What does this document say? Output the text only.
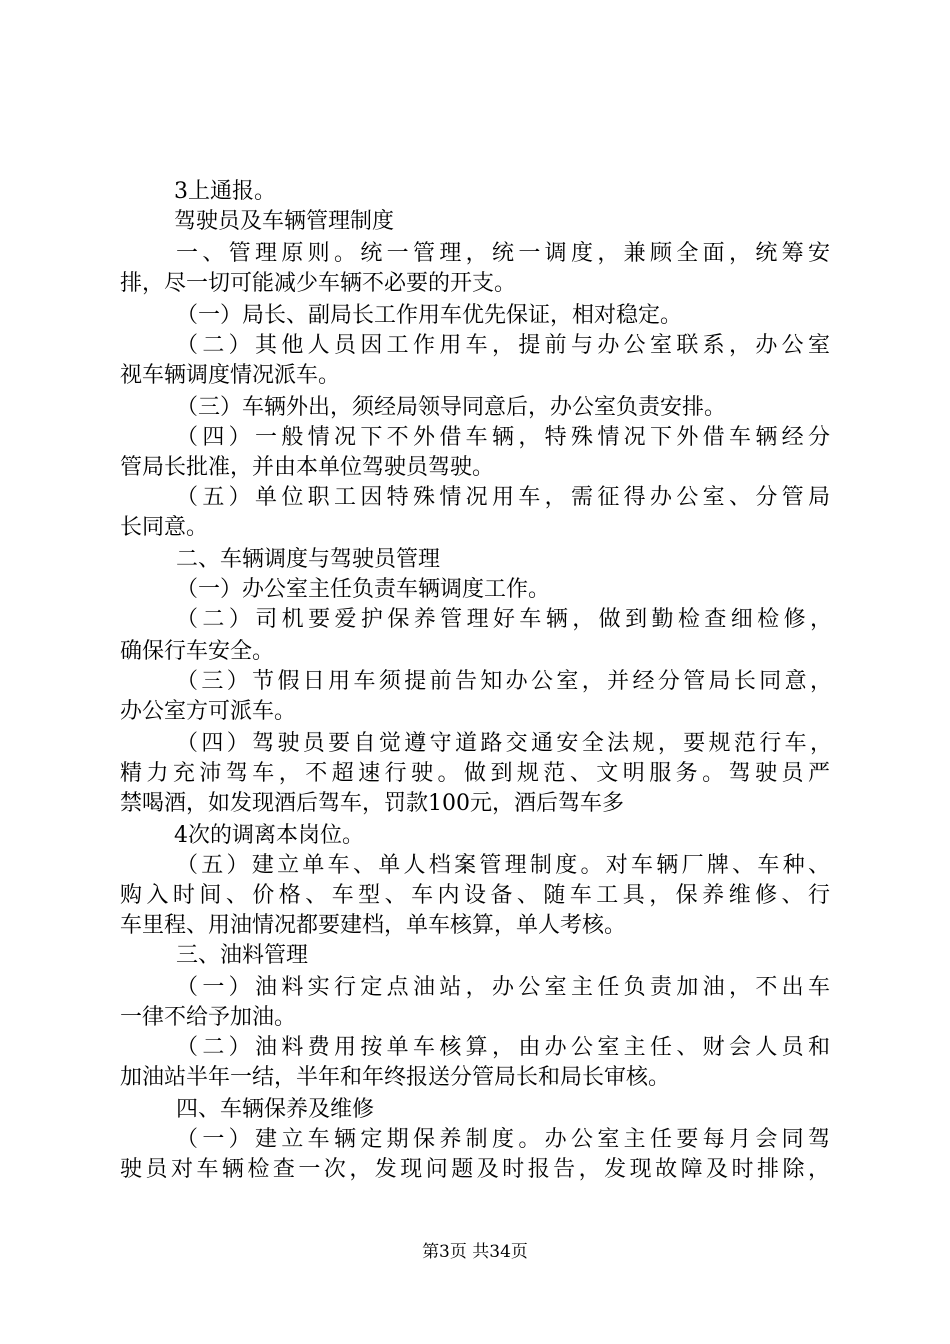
3上通报。
驾驶员及车辆管理制度
一、管理原则。统一管理，统一调度，兼顾全面，统筹安
排，尽一切可能减少车辆不必要的开支。
（一）局长、副局长工作用车优先保证，相对稳定。
（二）其他人员因工作用车，提前与办公室联系，办公室
视车辆调度情况派车。
（三）车辆外出，须经局领导同意后，办公室负责安排。
（四）一般情况下不外借车辆，特殊情况下外借车辆经分
管局长批准，并由本单位驾驶员驾驶。
（五）单位职工因特殊情况用车，需征得办公室、分管局
长同意。
二、车辆调度与驾驶员管理
（一）办公室主任负责车辆调度工作。
（二）司机要爱护保养管理好车辆，做到勤检查细检修，
确保行车安全。
（三）节假日用车须提前告知办公室，并经分管局长同意，
办公室方可派车。
（四）驾驶员要自觉遵守道路交通安全法规，要规范行车，
精力充沛驾车，不超速行驶。做到规范、文明服务。驾驶员严
禁喝酒，如发现酒后驾车，罚款100元，酒后驾车多
4次的调离本岗位。
（五）建立单车、单人档案管理制度。对车辆厂牌、车种、
购入时间、价格、车型、车内设备、随车工具，保养维修、行
车里程、用油情况都要建档，单车核算，单人考核。
三、油料管理
（一）油料实行定点油站，办公室主任负责加油，不出车
一律不给予加油。
（二）油料费用按单车核算，由办公室主任、财会人员和
加油站半年一结，半年和年终报送分管局长和局长审核。
四、车辆保养及维修
（一）建立车辆定期保养制度。办公室主任要每月会同驾
驶员对车辆检查一次，发现问题及时报告，发现故障及时排除，
第3页 共34页
